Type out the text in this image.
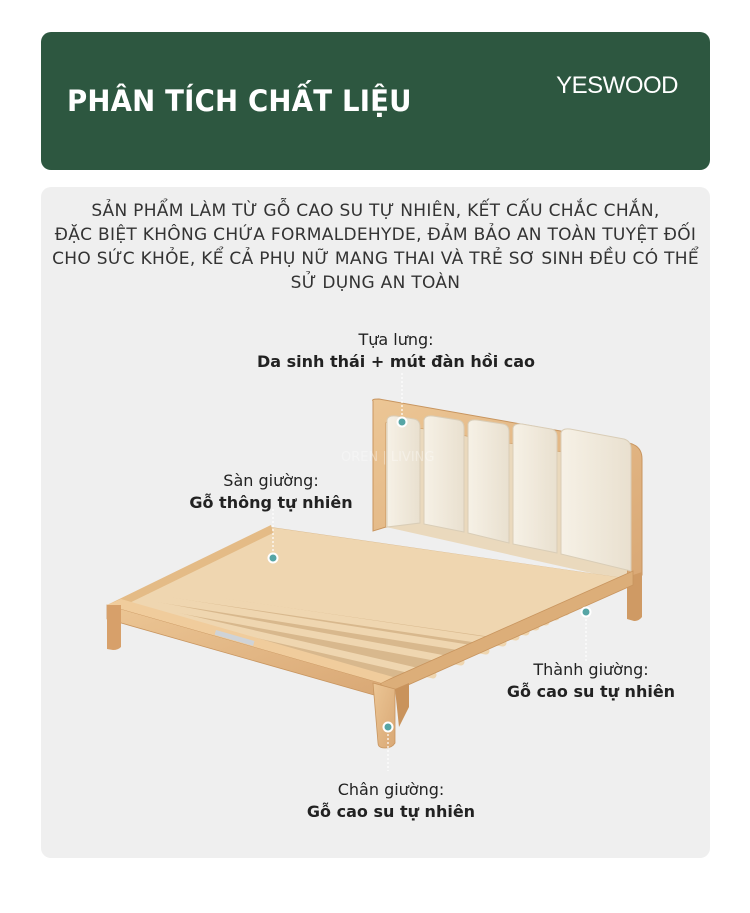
PHÂN TÍCH CHẤT LIỆU	YESWOOD
SẢN PHẨM LÀM TỪ GỖ CAO SU TỰ NHIÊN, KẾT CẤU CHẮC CHẮN,
ĐẶC BIỆT KHÔNG CHỨA FORMALDEHYDE, ĐẢM BẢO AN TOÀN TUYỆT ĐỐI
CHO SỨC KHỎE, KỂ CẢ PHỤ NỮ MANG THAI VÀ TRẺ SƠ SINH ĐỀU CÓ THỂ
SỬ DỤNG AN TOÀN
OREN | LIVING
Tựa lưng:
Da sinh thái + mút đàn hồi cao
Sàn giường:
Gỗ thông tự nhiên
Thành giường:
Gỗ cao su tự nhiên
Chân giường:
Gỗ cao su tự nhiên
